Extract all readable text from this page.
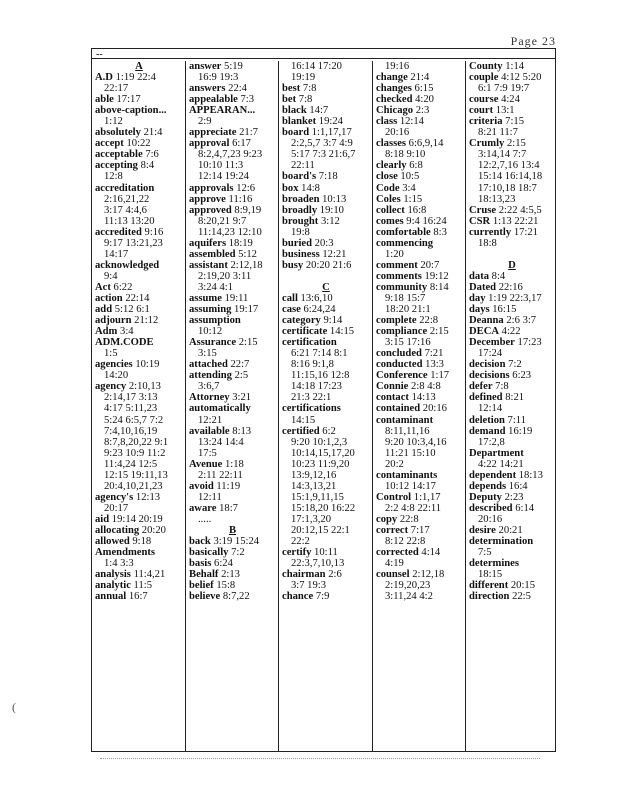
Page 23
--
A
A.D 1:19 22:4
22:17
able 17:17
above-caption...
1:12
absolutely 21:4
accept 10:22
acceptable 7:6
accepting 8:4
12:8
accreditation
2:16,21,22
3:17 4:4,6
11:13 13:20
accredited 9:16
9:17 13:21,23
14:17
acknowledged
9:4
Act 6:22
action 22:14
add 5:12 6:1
adjourn 21:12
Adm 3:4
ADM.CODE
1:5
agencies 10:19
14:20
agency 2:10,13
2:14,17 3:13
4:17 5:11,23
5:24 6:5,7 7:2
7:4,10,16,19
8:7,8,20,22 9:1
9:23 10:9 11:2
11:4,24 12:5
12:15 19:11,13
20:4,10,21,23
agency's 12:13
20:17
aid 19:14 20:19
allocating 20:20
allowed 9:18
Amendments
1:4 3:3
analysis 11:4,21
analytic 11:5
annual 16:7
answer 5:19
16:9 19:3
answers 22:4
appealable 7:3
APPEARAN...
2:9
appreciate 21:7
approval 6:17
8:2,4,7,23 9:23
10:10 11:3
12:14 19:24
approvals 12:6
approve 11:16
approved 8:9,19
8:20,21 9:7
11:14,23 12:10
aquifers 18:19
assembled 5:12
assistant 2:12,18
2:19,20 3:11
3:24 4:1
assume 19:11
assuming 19:17
assumption
10:12
Assurance 2:15
3:15
attached 22:7
attending 2:5
3:6,7
Attorney 3:21
automatically
12:21
available 8:13
13:24 14:4
17:5
Avenue 1:18
2:11 22:11
avoid 11:19
12:11
aware 18:7
.....
B
back 3:19 15:24
basically 7:2
basis 6:24
Behalf 2:13
belief 15:8
believe 8:7,22
16:14 17:20
19:19
best 7:8
bet 7:8
black 14:7
blanket 19:24
board 1:1,17,17
2:2,5,7 3:7 4:9
5:17 7:3 21:6,7
22:11
board's 7:18
box 14:8
broaden 10:13
broadly 19:10
brought 3:12
19:8
buried 20:3
business 12:21
busy 20:20 21:6
C
call 13:6,10
case 6:24,24
category 9:14
certificate 14:15
certification
6:21 7:14 8:1
8:16 9:1,8
11:15,16 12:8
14:18 17:23
21:3 22:1
certifications
14:15
certified 6:2
9:20 10:1,2,3
10:14,15,17,20
10:23 11:9,20
13:9,12,16
14:3,13,21
15:1,9,11,15
15:18,20 16:22
17:1,3,20
20:12,15 22:1
22:2
certify 10:11
22:3,7,10,13
chairman 2:6
3:7 19:3
chance 7:9
19:16
change 21:4
changes 6:15
checked 4:20
Chicago 2:3
class 12:14
20:16
classes 6:6,9,14
8:18 9:10
clearly 6:8
close 10:5
Code 3:4
Coles 1:15
collect 16:8
comes 9:4 16:24
comfortable 8:3
commencing
1:20
comment 20:7
comments 19:12
community 8:14
9:18 15:7
18:20 21:1
complete 22:8
compliance 2:15
3:15 17:16
concluded 7:21
conducted 13:3
Conference 1:17
Connie 2:8 4:8
contact 14:13
contained 20:16
contaminant
8:11,11,16
9:20 10:3,4,16
11:21 15:10
20:2
contaminants
10:12 14:17
Control 1:1,17
2:2 4:8 22:11
copy 22:8
correct 7:17
8:12 22:8
corrected 4:14
4:19
counsel 2:12,18
2:19,20,23
3:11,24 4:2
County 1:14
couple 4:12 5:20
6:1 7:9 19:7
course 4:24
court 13:1
criteria 7:15
8:21 11:7
Crumly 2:15
3:14,14 7:7
12:2,7,16 13:4
15:14 16:14,18
17:10,18 18:7
18:13,23
Cruse 2:22 4:5,5
CSR 1:13 22:21
currently 17:21
18:8
D
data 8:4
Dated 22:16
day 1:19 22:3,17
days 16:15
Deanna 2:6 3:7
DECA 4:22
December 17:23
17:24
decision 7:2
decisions 6:23
defer 7:8
defined 8:21
12:14
deletion 7:11
demand 16:19
17:2,8
Department
4:22 14:21
dependent 18:13
depends 16:4
Deputy 2:23
described 6:14
20:16
desire 20:21
determination
7:5
determines
18:15
different 20:15
direction 22:5
(
